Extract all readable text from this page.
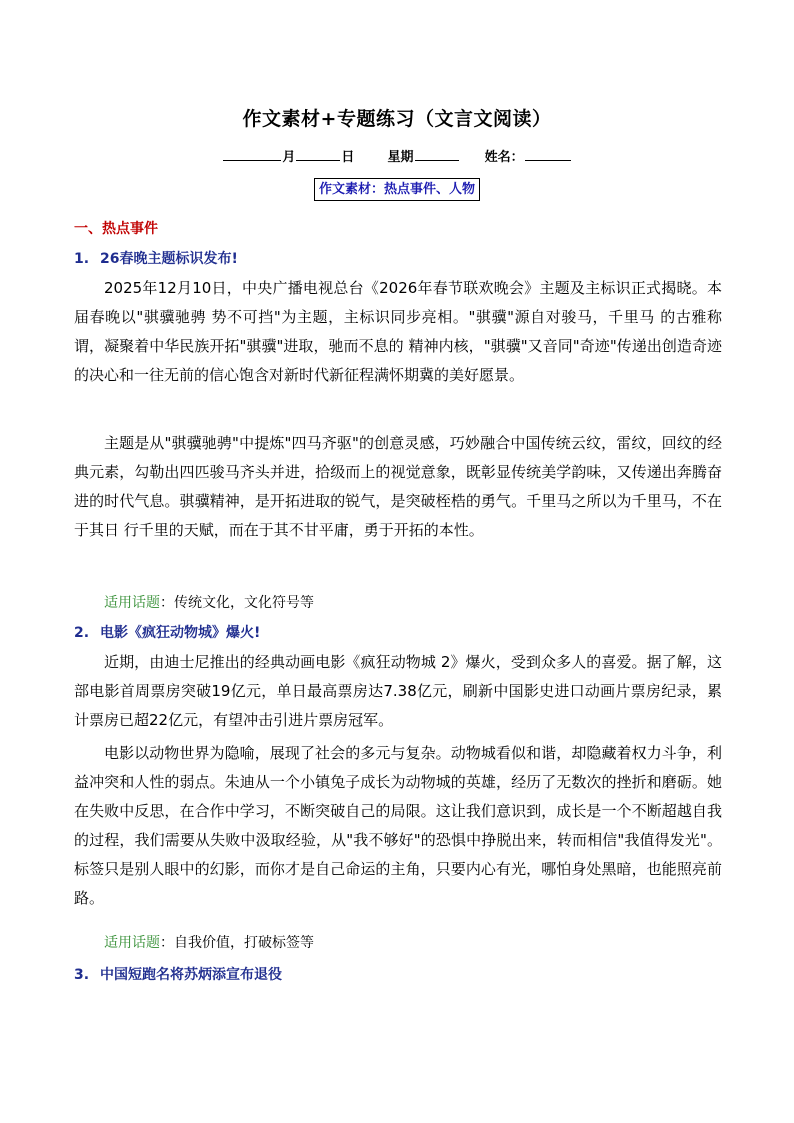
作文素材+专题练习（文言文阅读）
月	日	星期	姓名：
作文素材：热点事件、人物
一、热点事件
1. 26春晚主题标识发布!

2025年12月10日，中央广播电视总台《2026年春节联欢晚会》主题及主标识正式揭晓。本届春晚以"骐骥驰骋 势不可挡"为主题，主标识同步亮相。"骐骥"源自对骏马，千里马 的古雅称谓，凝聚着中华民族开拓"骐骥"进取，驰而不息的 精神内核，"骐骥"又音同"奇迹"传递出创造奇迹的决心和一往无前的信心饱含对新时代新征程满怀期冀的美好愿景。

主题是从"骐骥驰骋"中提炼"四马齐驱"的创意灵感，巧妙融合中国传统云纹，雷纹，回纹的经典元素，勾勒出四匹骏马齐头并进，拾级而上的视觉意象，既彰显传统美学韵味，又传递出奔腾奋进的时代气息。骐骥精神，是开拓进取的锐气，是突破桎梏的勇气。千里马之所以为千里马，不在于其日 行千里的天赋，而在于其不甘平庸，勇于开拓的本性。

适用话题：传统文化，文化符号等
2. 电影《疯狂动物城》爆火!

近期，由迪士尼推出的经典动画电影《疯狂动物城 2》爆火，受到众多人的喜爱。据了解，这部电影首周票房突破19亿元，单日最高票房达7.38亿元，刷新中国影史进口动画片票房纪录，累计票房已超22亿元，有望冲击引进片票房冠军。

电影以动物世界为隐喻，展现了社会的多元与复杂。动物城看似和谐，却隐藏着权力斗争，利益冲突和人性的弱点。朱迪从一个小镇兔子成长为动物城的英雄，经历了无数次的挫折和磨砺。她在失败中反思，在合作中学习，不断突破自己的局限。这让我们意识到，成长是一个不断超越自我的过程，我们需要从失败中汲取经验，从"我不够好"的恐惧中挣脱出来，转而相信"我值得发光"。标签只是别人眼中的幻影，而你才是自己命运的主角，只要内心有光，哪怕身处黑暗，也能照亮前路。

适用话题：自我价值，打破标签等
3. 中国短跑名将苏炳添宣布退役
